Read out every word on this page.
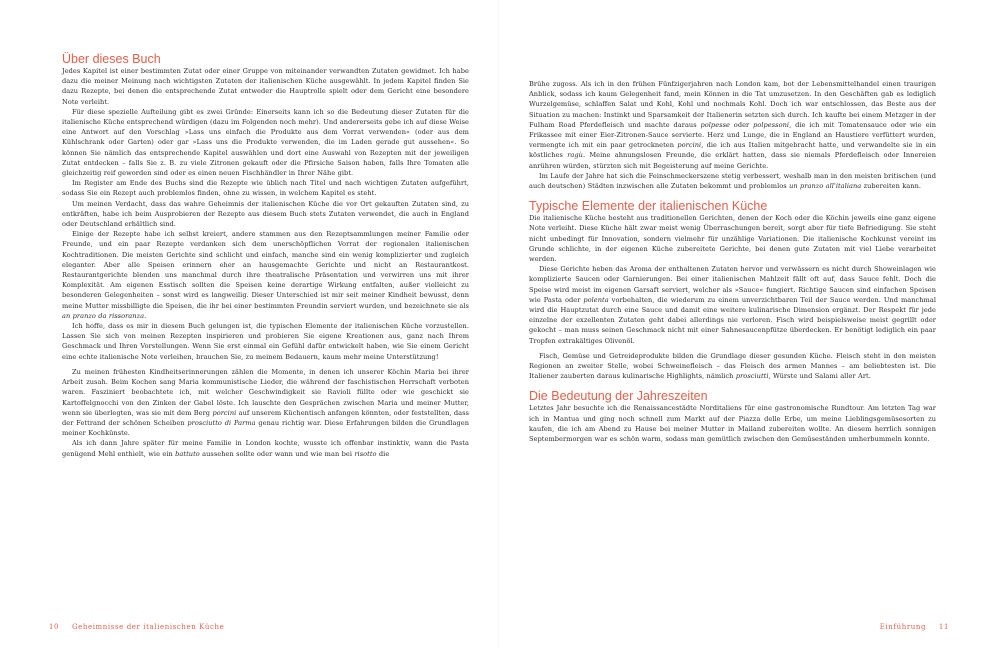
Über dieses Buch

Jedes Kapitel ist einer bestimmten Zutat oder einer Gruppe von miteinander verwandten Zutaten gewidmet. Ich habe dazu die meiner Meinung nach wichtigsten Zutaten der italienischen Küche ausgewählt. In jedem Kapitel finden Sie dazu Rezepte, bei denen die entsprechende Zutat entweder die Hauptrolle spielt oder dem Gericht eine besondere Note verleiht.

Für diese spezielle Aufteilung gibt es zwei Gründe: Einerseits kann ich so die Bedeutung dieser Zutaten für die italienische Küche entsprechend würdigen (dazu im Folgenden noch mehr). Und andererseits gebe ich auf diese Weise eine Antwort auf den Vorschlag »Lass uns einfach die Produkte aus dem Vorrat verwenden« (oder aus dem Kühlschrank oder Garten) oder gar »Lass uns die Produkte verwenden, die im Laden gerade gut aussehen«. So können Sie nämlich das entsprechende Kapitel auswählen und dort eine Auswahl von Rezepten mit der jeweiligen Zutat entdecken – falls Sie z. B. zu viele Zitronen gekauft oder die Pfirsiche Saison haben, falls Ihre Tomaten alle gleichzeitig reif geworden sind oder es einen neuen Fischhändler in Ihrer Nähe gibt.

Im Register am Ende des Buchs sind die Rezepte wie üblich nach Titel und nach wichtigen Zutaten aufgeführt, sodass Sie ein Rezept auch problemlos finden, ohne zu wissen, in welchem Kapitel es steht.

Um meinen Verdacht, dass das wahre Geheimnis der italienischen Küche die vor Ort gekauften Zutaten sind, zu entkräften, habe ich beim Ausprobieren der Rezepte aus diesem Buch stets Zutaten verwendet, die auch in England oder Deutschland erhältlich sind.

Einige der Rezepte habe ich selbst kreiert, andere stammen aus den Rezeptsammlungen meiner Familie oder Freunde, und ein paar Rezepte verdanken sich dem unerschöpflichen Vorrat der regionalen italienischen Kochtraditionen. Die meisten Gerichte sind schlicht und einfach, manche sind ein wenig komplizierter und zugleich eleganter. Aber alle Speisen erinnern eher an hausgemachte Gerichte und nicht an Restaurantkost. Restaurantgerichte blenden uns manchmal durch ihre theatralische Präsentation und verwirren uns mit ihrer Komplexität. Am eigenen Esstisch sollten die Speisen keine derartige Wirkung entfalten, außer vielleicht zu besonderen Gelegenheiten – sonst wird es langweilig. Dieser Unterschied ist mir seit meiner Kindheit bewusst, denn meine Mutter missbilligte die Speisen, die ihr bei einer bestimmten Freundin serviert wurden, und bezeichnete sie als an pranzo da rissoranza.

Ich hoffe, dass es mir in diesem Buch gelungen ist, die typischen Elemente der italienischen Küche vorzustellen. Lassen Sie sich von meinen Rezepten inspirieren und probieren Sie eigene Kreationen aus, ganz nach Ihrem Geschmack und Ihren Vorstellungen. Wenn Sie erst einmal ein Gefühl dafür entwickelt haben, wie Sie einem Gericht eine echte italienische Note verleihen, brauchen Sie, zu meinem Bedauern, kaum mehr meine Unterstützung!

Zu meinen frühesten Kindheitserinnerungen zählen die Momente, in denen ich unserer Köchin Maria bei ihrer Arbeit zusah. Beim Kochen sang Maria kommunistische Lieder, die während der faschistischen Herrschaft verboten waren. Fasziniert beobachtete ich, mit welcher Geschwindigkeit sie Ravioli füllte oder wie geschickt sie Kartoffelgnocchi von den Zinken der Gabel löste. Ich lauschte den Gesprächen zwischen Maria und meiner Mutter, wenn sie überlegten, was sie mit dem Berg porcini auf unserem Küchentisch anfangen könnten, oder feststellten, dass der Fettrand der schönen Scheiben prosciutto di Parma genau richtig war. Diese Erfahrungen bilden die Grundlagen meiner Kochkünste.

Als ich dann Jahre später für meine Familie in London kochte, wusste ich offenbar instinktiv, wann die Pasta genügend Mehl enthielt, wie ein battuto aussehen sollte oder wann und wie man bei risotto die

Brühe zugoss. Als ich in den frühen Fünfzigerjahren nach London kam, bot der Lebensmittelhandel einen traurigen Anblick, sodass ich kaum Gelegenheit fand, mein Können in die Tat umzusetzen. In den Geschäften gab es lediglich Wurzelgemüse, schlaffen Salat und Kohl, Kohl und nochmals Kohl. Doch ich war entschlossen, das Beste aus der Situation zu machen: Instinkt und Sparsamkeit der Italienerin setzten sich durch. Ich kaufte bei einem Metzger in der Fulham Road Pferdefleisch und machte daraus polpesse oder polpessoni, die ich mit Tomatensauce oder wie ein Frikassee mit einer Eier-Zitronen-Sauce servierte. Herz und Lunge, die in England an Haustiere verfüttert wurden, vermengte ich mit ein paar getrockneten porcini, die ich aus Italien mitgebracht hatte, und verwandelte sie in ein köstliches ragù. Meine ahnungslosen Freunde, die erklärt hatten, dass sie niemals Pferdefleisch oder Innereien anrühren würden, stürzten sich mit Begeisterung auf meine Gerichte.

Im Laufe der Jahre hat sich die Feinschmeckerszene stetig verbessert, weshalb man in den meisten britischen (und auch deutschen) Städten inzwischen alle Zutaten bekommt und problemlos un pranzo all'italiana zubereiten kann.

Typische Elemente der italienischen Küche

Die italienische Küche besteht aus traditionellen Gerichten, denen der Koch oder die Köchin jeweils eine ganz eigene Note verleiht. Diese Küche hält zwar meist wenig Überraschungen bereit, sorgt aber für tiefe Befriedigung. Sie steht nicht unbedingt für Innovation, sondern vielmehr für unzählige Variationen. Die italienische Kochkunst vereint im Grunde schlichte, in der eigenen Küche zubereitete Gerichte, bei denen gute Zutaten mit viel Liebe verarbeitet werden.

Diese Gerichte heben das Aroma der enthaltenen Zutaten hervor und verwässern es nicht durch Showeinlagen wie komplizierte Saucen oder Garnierungen. Bei einer italienischen Mahlzeit fällt oft auf, dass Sauce fehlt. Doch die Speise wird meist im eigenen Garsaft serviert, welcher als »Sauce« fungiert. Richtige Saucen sind einfachen Speisen wie Pasta oder polenta vorbehalten, die wiederum zu einem unverzichtbaren Teil der Sauce werden. Und manchmal wird die Hauptzutat durch eine Sauce und damit eine weitere kulinarische Dimension ergänzt. Der Respekt für jede einzelne der exzellenten Zutaten geht dabei allerdings nie verloren. Fisch wird beispielsweise meist gegrillt oder gekocht – man muss seinen Geschmack nicht mit einer Sahnesaucenpfütze überdecken. Er benötigt lediglich ein paar Tropfen extrakältiges Olivenöl.

Fisch, Gemüse und Getreideprodukte bilden die Grundlage dieser gesunden Küche. Fleisch steht in den meisten Regionen an zweiter Stelle, wobei Schweinefleisch – das Fleisch des armen Mannes – am beliebtesten ist. Die Italiener zauberten daraus kulinarische Highlights, nämlich prosciutti, Würste und Salami aller Art.

Die Bedeutung der Jahreszeiten

Letztes Jahr besuchte ich die Renaissancestädte Norditaliens für eine gastronomische Rundtour. Am letzten Tag war ich in Mantua und ging noch schnell zum Markt auf der Piazza delle Erbe, um meine Lieblingsgemüsesorten zu kaufen, die ich am Abend zu Hause bei meiner Mutter in Mailand zubereiten wollte. An diesem herrlich sonnigen Septembermorgen war es schön warm, sodass man gemütlich zwischen den Gemüseständen umherbummeln konnte.

10 Geheimnisse der italienischen Küche	Einführung 11
